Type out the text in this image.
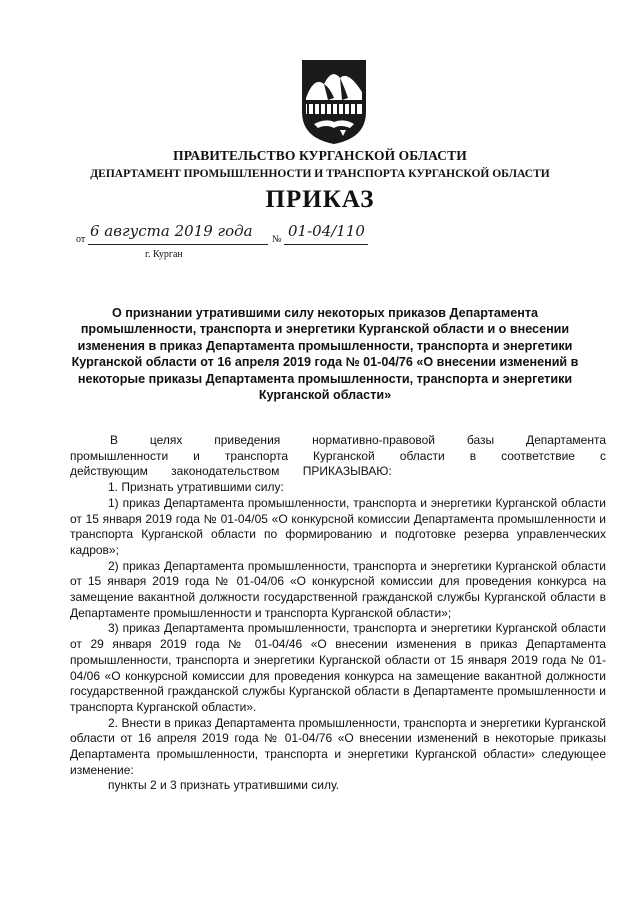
ПРАВИТЕЛЬСТВО КУРГАНСКОЙ ОБЛАСТИ
ДЕПАРТАМЕНТ ПРОМЫШЛЕННОСТИ И ТРАНСПОРТА КУРГАНСКОЙ ОБЛАСТИ
ПРИКАЗ
от 6 августа 2019 года № 01-04/110
г. Курган
О признании утратившими силу некоторых приказов Департамента промышленности, транспорта и энергетики Курганской области и о внесении изменения в приказ Департамента промышленности, транспорта и энергетики Курганской области от 16 апреля 2019 года № 01-04/76 «О внесении изменений в некоторые приказы Департамента промышленности, транспорта и энергетики Курганской области»

В целях приведения нормативно-правовой базы Департамента промышленности и транспорта Курганской области в соответствие с действующим законодательством ПРИКАЗЫВАЮ:

1. Признать утратившими силу:

1) приказ Департамента промышленности, транспорта и энергетики Курганской области от 15 января 2019 года № 01-04/05 «О конкурсной комиссии Департамента промышленности и транспорта Курганской области по формированию и подготовке резерва управленческих кадров»;

2) приказ Департамента промышленности, транспорта и энергетики Курганской области от 15 января 2019 года № 01-04/06 «О конкурсной комиссии для проведения конкурса на замещение вакантной должности государственной гражданской службы Курганской области в Департаменте промышленности и транспорта Курганской области»;

3) приказ Департамента промышленности, транспорта и энергетики Курганской области от 29 января 2019 года № 01-04/46 «О внесении изменения в приказ Департамента промышленности, транспорта и энергетики Курганской области от 15 января 2019 года № 01-04/06 «О конкурсной комиссии для проведения конкурса на замещение вакантной должности государственной гражданской службы Курганской области в Департаменте промышленности и транспорта Курганской области».

2. Внести в приказ Департамента промышленности, транспорта и энергетики Курганской области от 16 апреля 2019 года № 01-04/76 «О внесении изменений в некоторые приказы Департамента промышленности, транспорта и энергетики Курганской области» следующее изменение:

пункты 2 и 3 признать утратившими силу.
